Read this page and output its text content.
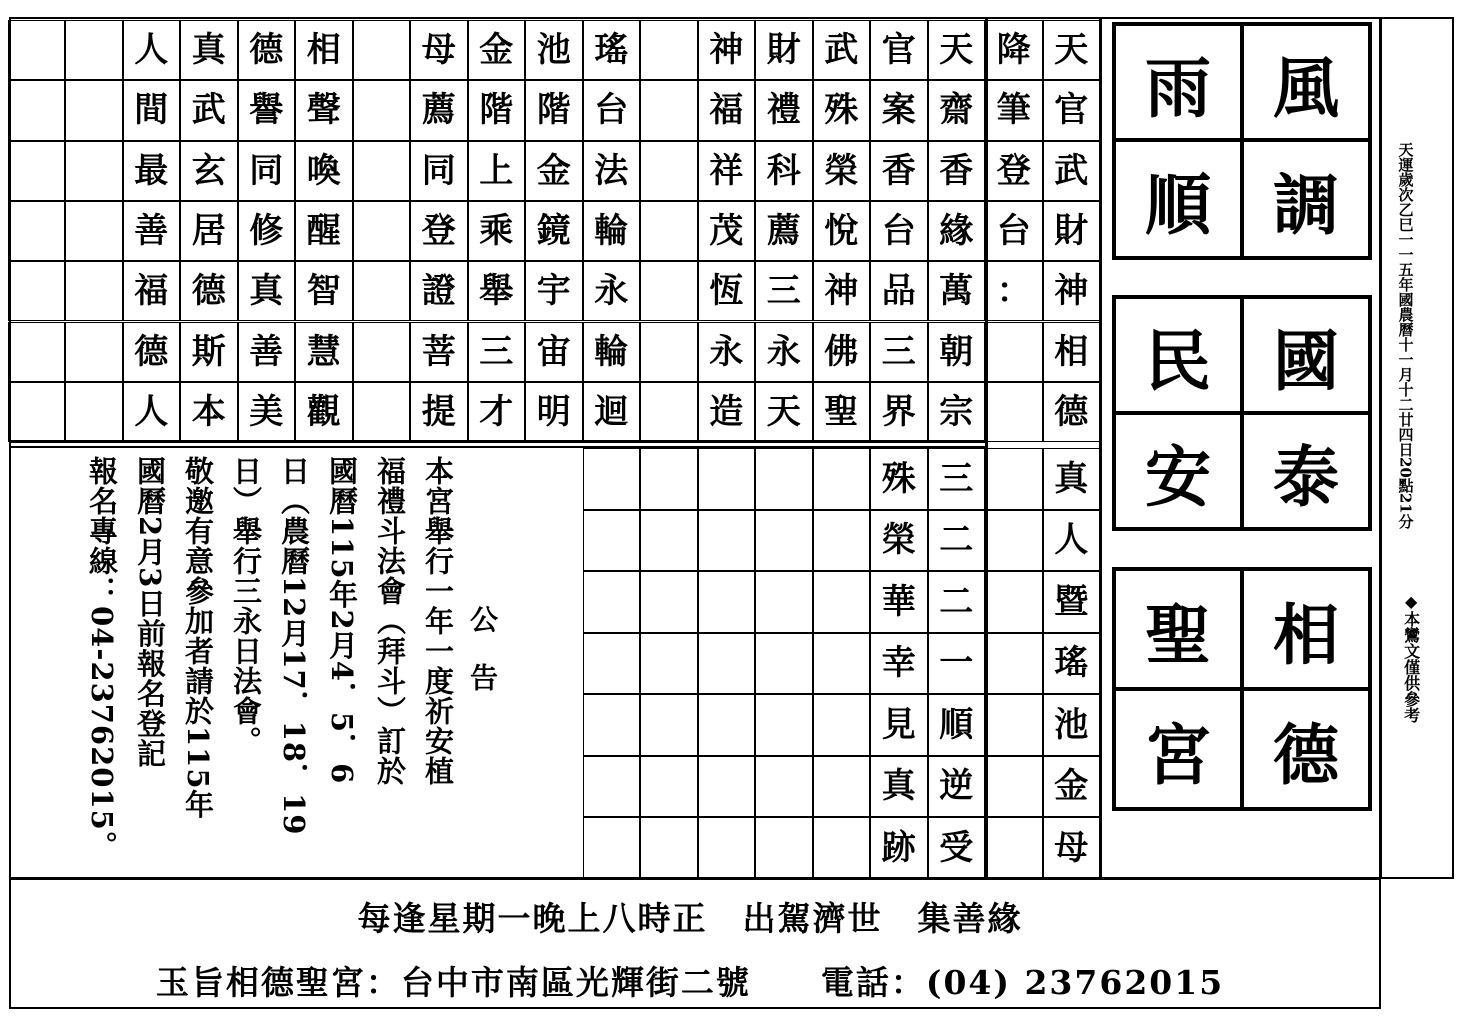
天
官
武
財
神
相
德
降
筆
登
台
：
天
齋
香
緣
萬
朝
宗
官
案
香
台
品
三
界
武
殊
榮
悅
神
佛
聖
財
禮
科
薦
三
永
天
神
福
祥
茂
恆
永
造
瑤
台
法
輪
永
輪
迴
池
階
金
鏡
宇
宙
明
金
階
上
乘
舉
三
才
母
薦
同
登
證
菩
提
相
聲
喚
醒
智
慧
觀
德
譽
同
修
真
善
美
真
武
玄
居
德
斯
本
人
間
最
善
福
德
人
真
人
暨
瑤
池
金
母
三
二
二
一
順
逆
受
殊
榮
華
幸
見
真
跡
公　告
本宮舉行一年一度祈安植
福禮斗法會（拜斗）訂於
國曆115年2月4．5．6
日（農曆12月17．18．19
日）舉行三永日法會。
敬邀有意參加者請於115年
國曆2月3日前報名登記
報名專線：04-23762015。
雨 風
順 調
民 國
安 泰
聖 相
宮 德
天運歲次乙巳一一五年國農曆十一月十二廿四日20點21分
◆本鸞文僅供參考
每逢星期一晚上八時正　出駕濟世　集善緣
玉旨相德聖宮：台中市南區光輝街二號　　電話：(04) 23762015
